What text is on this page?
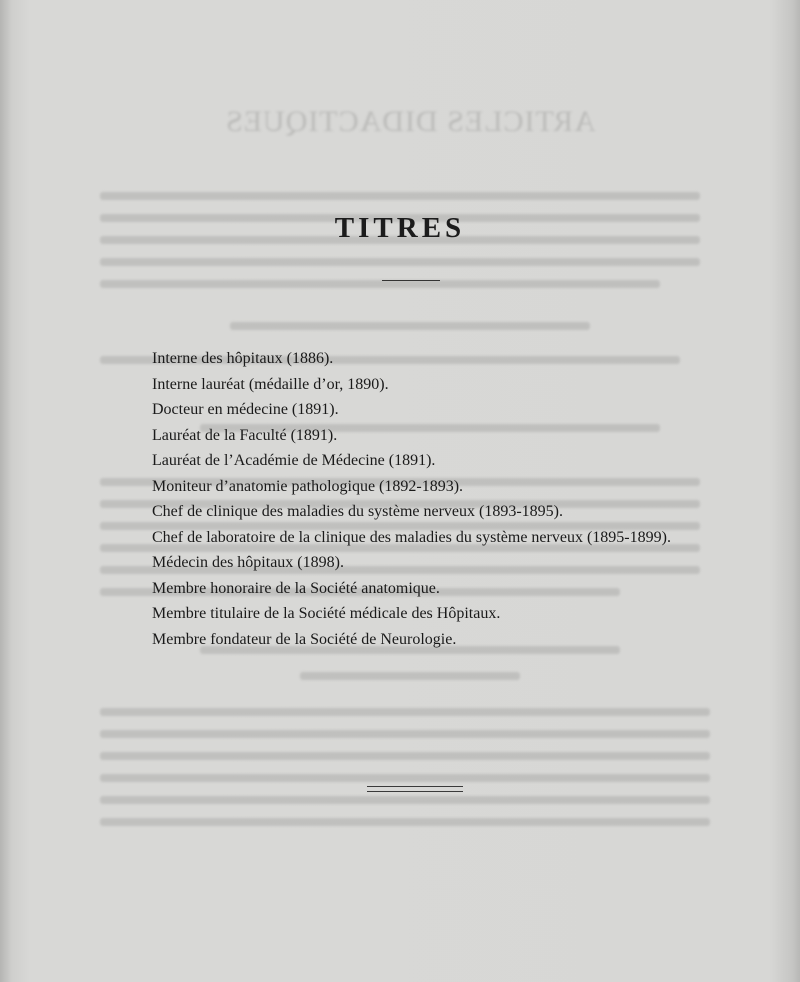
ARTICLES DIDACTIQUES
TITRES
Interne des hôpitaux (1886).
Interne lauréat (médaille d’or, 1890).
Docteur en médecine (1891).
Lauréat de la Faculté (1891).
Lauréat de l’Académie de Médecine (1891).
Moniteur d’anatomie pathologique (1892-1893).
Chef de clinique des maladies du système nerveux (1893-1895).
Chef de laboratoire de la clinique des maladies du système nerveux (1895-1899).
Médecin des hôpitaux (1898).
Membre honoraire de la Société anatomique.
Membre titulaire de la Société médicale des Hôpitaux.
Membre fondateur de la Société de Neurologie.
